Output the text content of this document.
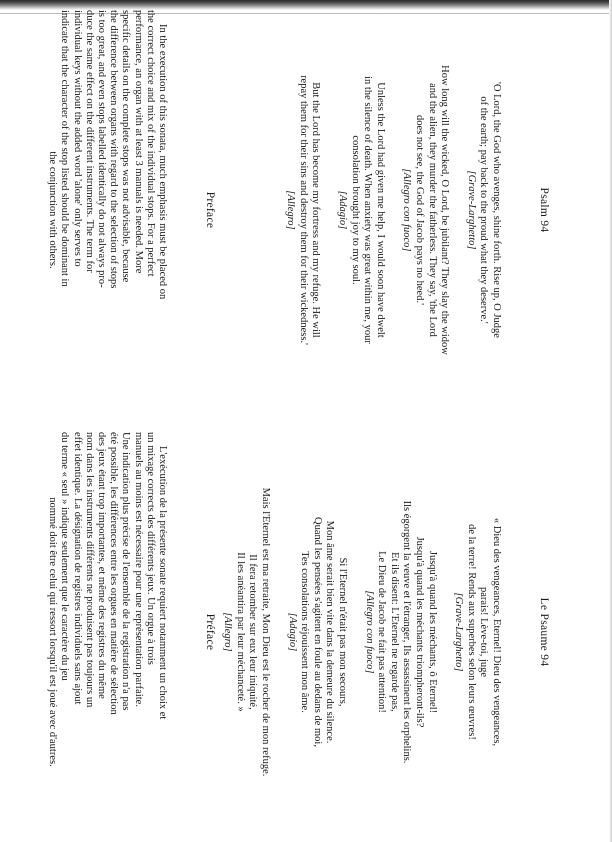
Psalm 94

'O Lord, the God who avenges, shine forth. Rise up, O Judge
of the earth; pay back to the proud what they deserve.'
[Grave-Larghetto]

How long will the wicked, O Lord, be jubilant? They slay the widow
and the alien, they murder the fatherless. They say, 'the Lord
does not see, the God of Jacob pays no heed.'
[Allegro con fuoco]

Unless the Lord had given me help, I would soon have dwelt
in the silence of death. When anxiety was great within me, your
consolation brought joy to my soul.
[Adagio]

But the Lord has become my fortress and my refuge. He will
repay them for their sins and destroy them for their wickedness.'
[Allegro]

Preface
In the execution of this sonata, much emphasis must be placed on
the correct choice and mix of the individual stops. For a perfect
performance, an organ with at least 3 manuals is needed. More
specific details on the complete stops was not advisable, because
the difference between organs with regard to the selection of stops
is too great, and even stops labelled identically do not always pro-
duce the same effect on the different instruments. The term for
individual keys without the added word 'alone' only serves to
indicate that the character of the stop listed should be dominant in
the conjunction with others.
Le Psaume 94

« Dieu des vengeances, Eternel! Dieu des vengeances,
parais! Lève-toi, juge
de la terre! Rends aux superbes selon leurs œuvres!
[Grave-Larghetto]

Jusqu'à quand les méchants, ô Eternel!
Jusqu'à quand les méchants triompheront-ils?
Ils égorgent la veuve et l'étranger, Ils assassinent les orphelins.
Et ils disent: L'Eternel ne regarde pas,
Le Dieu de Jacob ne fait pas attention!
[Allegro con fuoco]

Si l'Eternel n'était pas mon secours,
Mon âme serait bien vite dans la demeure du silence.
Quand les pensées s'agitent en foule au dedans de moi,
Tes consolations réjouissent mon âme.
[Adagio]

Mais l'Eternel est ma retraite, Mon Dieu est le rocher de mon refuge.
Il fera retomber sur eux leur iniquité,
Il les anéantira par leur méchanceté. »
[Allegro]

Préface
L'exécution de la présente sonate requiert notamment un choix et
un mixage corrects des différents jeux. Un orgue à trois
manuels au moins est nécessaire pour une représentation parfaite.
Une indication plus précise de l'ensemble de la registration n'a pas
été possible, les différences entre les orgues en matière de sélection
des jeux étant trop importantes, et même des registres du même
nom dans les instruments différents ne produisent pas toujours un
effet identique. La désignation de registres individuels sans ajout
du terme « seul » indique seulement que le caractère du jeu
nommé doit être celui qui ressort lorsqu'il est joué avec d'autres.
